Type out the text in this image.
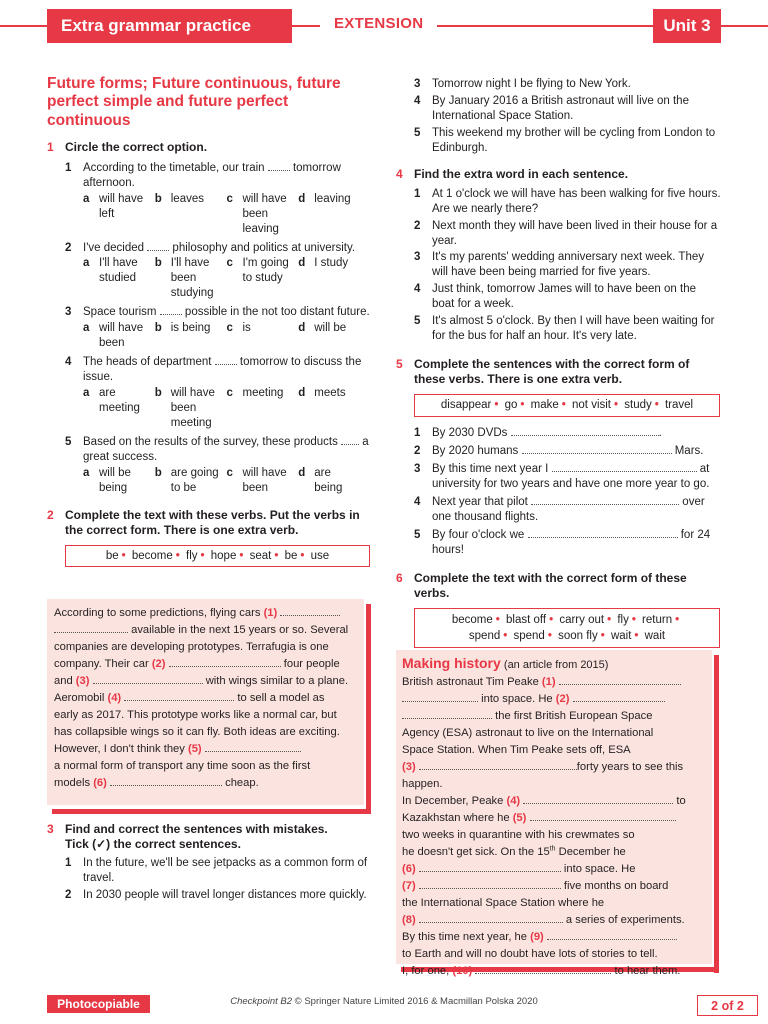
Extra grammar practice	EXTENSION	Unit 3
Future forms; Future continuous, future perfect simple and future perfect continuous
1 Circle the correct option.
1	According to the timetable, our train tomorrow afternoon.
a will have left
b leaves	c will have been leaving
d leaving
2	I've decided philosophy and politics at university.
a I'll have studied
b I'll have been studying
c I'm going to study
d I study
3	Space tourism possible in the not too distant future.
a will have been
b is being	c is	d will be
4	The heads of department tomorrow to discuss the issue.
a are meeting
b will have been meeting
c meeting	d meets
5	Based on the results of the survey, these products a great success.
a will be being
b are going to be
c will have been
d are being
2 Complete the text with these verbs. Put the verbs in the correct form. There is one extra verb.
be • become • fly • hope • seat • be • use
According to some predictions, flying cars (1)
available in the next 15 years or so. Several
companies are developing prototypes. Terrafugia is one
company. Their car (2)	four people
and (3)	with wings similar to a plane.
Aeromobil (4)	to sell a model as
early as 2017. This prototype works like a normal car, but
has collapsible wings so it can fly. Both ideas are exciting.
However, I don't think they (5)
a normal form of transport any time soon as the first
models (6)	cheap.
3 Find and correct the sentences with mistakes.
Tick (✓) the correct sentences.
1	In the future, we'll be see jetpacks as a common form of travel.
2	In 2030 people will travel longer distances more quickly.
3	Tomorrow night I be flying to New York.
4	By January 2016 a British astronaut will live on the International Space Station.
5	This weekend my brother will be cycling from London to Edinburgh.
4 Find the extra word in each sentence.
1	At 1 o'clock we will have has been walking for five hours. Are we nearly there?
2	Next month they will have been lived in their house for a year.
3	It's my parents' wedding anniversary next week. They will have been being married for five years.
4	Just think, tomorrow James will to have been on the boat for a week.
5	It's almost 5 o'clock. By then I will have been waiting for for the bus for half an hour. It's very late.
5 Complete the sentences with the correct form of these verbs. There is one extra verb.
disappear • go • make • not visit • study • travel
1	By 2030 DVDs	.
2	By 2020 humans	Mars.
3	By this time next year I	at university for two years and have one more year to go.
4	Next year that pilot	over one thousand flights.
5	By four o'clock we	for 24 hours!
6 Complete the text with the correct form of these verbs.
become • blast off • carry out • fly • return •
spend • spend • soon fly • wait • wait
Making history (an article from 2015)
British astronaut Tim Peake (1)
into space. He (2)
the first British European Space
Agency (ESA) astronaut to live on the International
Space Station. When Tim Peake sets off, ESA
(3)	forty years to see this happen.
In December, Peake (4)	to
Kazakhstan where he (5)
two weeks in quarantine with his crewmates so
he doesn't get sick. On the 15th December he
(6)	into space. He
(7)	five months on board
the International Space Station where he
(8)	a series of experiments.
By this time next year, he (9)
to Earth and will no doubt have lots of stories to tell.
I, for one, (10)	to hear them.
Photocopiable	Checkpoint B2 © Springer Nature Limited 2016 & Macmillan Polska 2020	2 of 2
